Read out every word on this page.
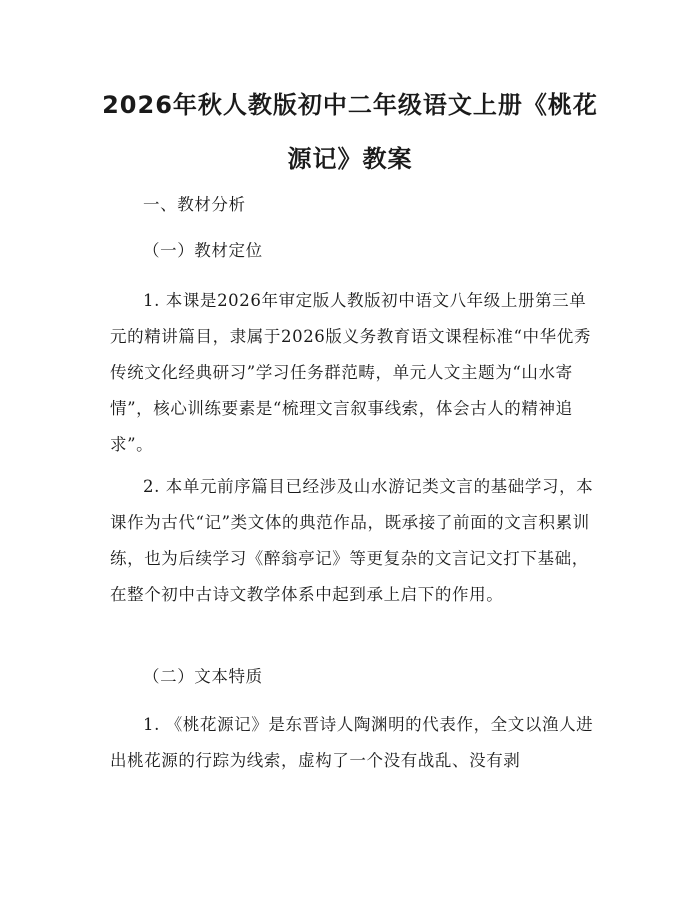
2026年秋人教版初中二年级语文上册《桃花源记》教案

一、教材分析

（一）教材定位

1. 本课是2026年审定版人教版初中语文八年级上册第三单元的精讲篇目，隶属于2026版义务教育语文课程标准“中华优秀传统文化经典研习”学习任务群范畴，单元人文主题为“山水寄情”，核心训练要素是“梳理文言叙事线索，体会古人的精神追求”。

2. 本单元前序篇目已经涉及山水游记类文言的基础学习，本课作为古代“记”类文体的典范作品，既承接了前面的文言积累训练，也为后续学习《醉翁亭记》等更复杂的文言记文打下基础，在整个初中古诗文教学体系中起到承上启下的作用。

（二）文本特质

1. 《桃花源记》是东晋诗人陶渊明的代表作，全文以渔人进出桃花源的行踪为线索，虚构了一个没有战乱、没有剥
